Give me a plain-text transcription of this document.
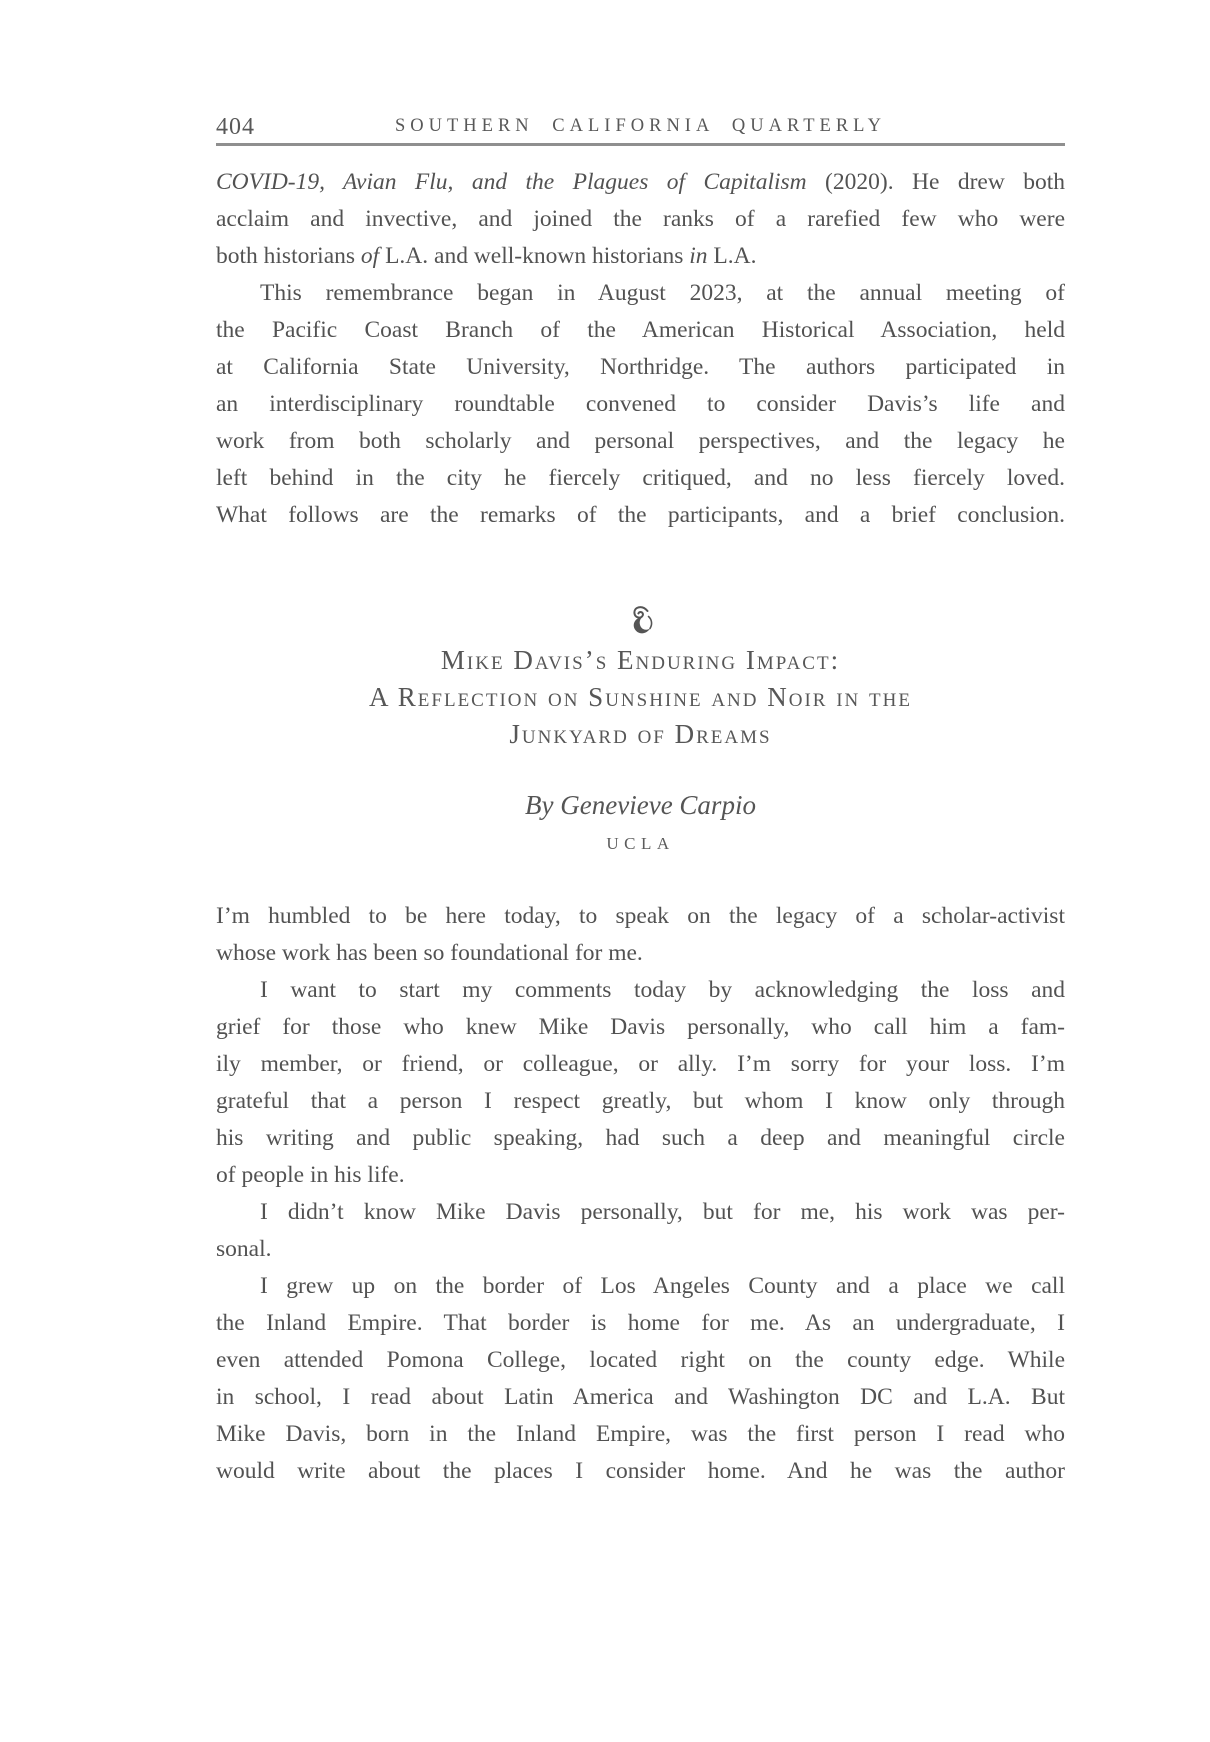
404	SOUTHERN CALIFORNIA QUARTERLY
COVID-19, Avian Flu, and the Plagues of Capitalism (2020). He drew both
acclaim and invective, and joined the ranks of a rarefied few who were
both historians of L.A. and well-known historians in L.A.
This remembrance began in August 2023, at the annual meeting of
the Pacific Coast Branch of the American Historical Association, held
at California State University, Northridge. The authors participated in
an interdisciplinary roundtable convened to consider Davis’s life and
work from both scholarly and personal perspectives, and the legacy he
left behind in the city he fiercely critiqued, and no less fiercely loved.
What follows are the remarks of the participants, and a brief conclusion.
Mike Davis’s Enduring Impact:
A Reflection on Sunshine and Noir in the
Junkyard of Dreams
By Genevieve Carpio
UCLA
I’m humbled to be here today, to speak on the legacy of a scholar-activist
whose work has been so foundational for me.
I want to start my comments today by acknowledging the loss and
grief for those who knew Mike Davis personally, who call him a fam-
ily member, or friend, or colleague, or ally. I’m sorry for your loss. I’m
grateful that a person I respect greatly, but whom I know only through
his writing and public speaking, had such a deep and meaningful circle
of people in his life.
I didn’t know Mike Davis personally, but for me, his work was per-
sonal.
I grew up on the border of Los Angeles County and a place we call
the Inland Empire. That border is home for me. As an undergraduate, I
even attended Pomona College, located right on the county edge. While
in school, I read about Latin America and Washington DC and L.A. But
Mike Davis, born in the Inland Empire, was the first person I read who
would write about the places I consider home. And he was the author
